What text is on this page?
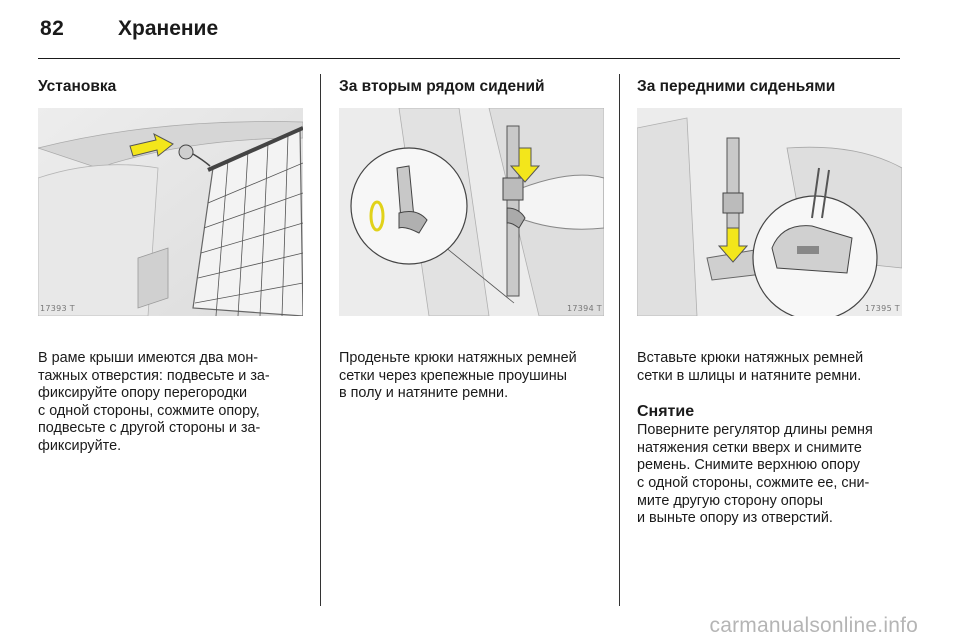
82	Хранение
Установка
17393 T
В раме крыши имеются два мон-
тажных отверстия: подвесьте и за-
фиксируйте опору перегородки
с одной стороны, сожмите опору,
подвесьте с другой стороны и за-
фиксируйте.
За вторым рядом сидений
17394 T
Проденьте крюки натяжных ремней
сетки через крепежные проушины
в полу и натяните ремни.
За передними сиденьями
17395 T
Вставьте крюки натяжных ремней
сетки в шлицы и натяните ремни.
Снятие
Поверните регулятор длины ремня
натяжения сетки вверх и снимите
ремень. Снимите верхнюю опору
с одной стороны, сожмите ее, сни-
мите другую сторону опоры
и выньте опору из отверстий.
carmanualsonline.info
